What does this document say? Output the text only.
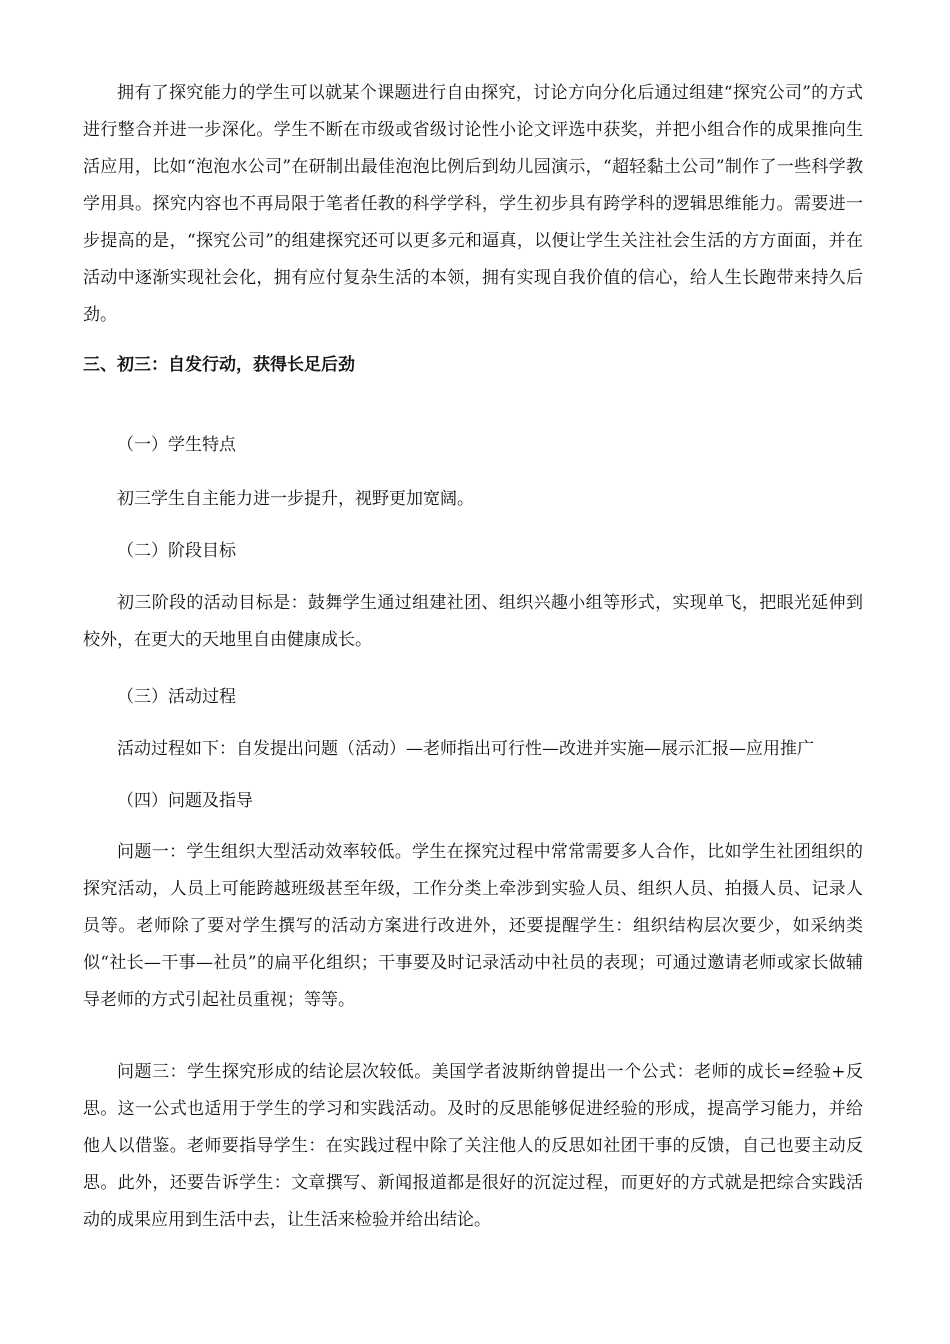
拥有了探究能力的学生可以就某个课题进行自由探究，讨论方向分化后通过组建“探究公司”的方式进行整合并进一步深化。学生不断在市级或省级讨论性小论文评选中获奖，并把小组合作的成果推向生活应用，比如“泡泡水公司”在研制出最佳泡泡比例后到幼儿园演示，“超轻黏土公司”制作了一些科学教学用具。探究内容也不再局限于笔者任教的科学学科，学生初步具有跨学科的逻辑思维能力。需要进一步提高的是，“探究公司”的组建探究还可以更多元和逼真，以便让学生关注社会生活的方方面面，并在活动中逐渐实现社会化，拥有应付复杂生活的本领，拥有实现自我价值的信心，给人生长跑带来持久后劲。

三、初三：自发行动，获得长足后劲

（一）学生特点

初三学生自主能力进一步提升，视野更加宽阔。

（二）阶段目标

初三阶段的活动目标是：鼓舞学生通过组建社团、组织兴趣小组等形式，实现单飞，把眼光延伸到校外，在更大的天地里自由健康成长。

（三）活动过程

活动过程如下：自发提出问题（活动）—老师指出可行性—改进并实施—展示汇报—应用推广

（四）问题及指导

问题一：学生组织大型活动效率较低。学生在探究过程中常常需要多人合作，比如学生社团组织的探究活动，人员上可能跨越班级甚至年级，工作分类上牵涉到实验人员、组织人员、拍摄人员、记录人员等。老师除了要对学生撰写的活动方案进行改进外，还要提醒学生：组织结构层次要少，如采纳类似“社长—干事—社员”的扁平化组织；干事要及时记录活动中社员的表现；可通过邀请老师或家长做辅导老师的方式引起社员重视；等等。

问题三：学生探究形成的结论层次较低。美国学者波斯纳曾提出一个公式：老师的成长=经验+反思。这一公式也适用于学生的学习和实践活动。及时的反思能够促进经验的形成，提高学习能力，并给他人以借鉴。老师要指导学生：在实践过程中除了关注他人的反思如社团干事的反馈，自己也要主动反思。此外，还要告诉学生：文章撰写、新闻报道都是很好的沉淀过程，而更好的方式就是把综合实践活动的成果应用到生活中去，让生活来检验并给出结论。
